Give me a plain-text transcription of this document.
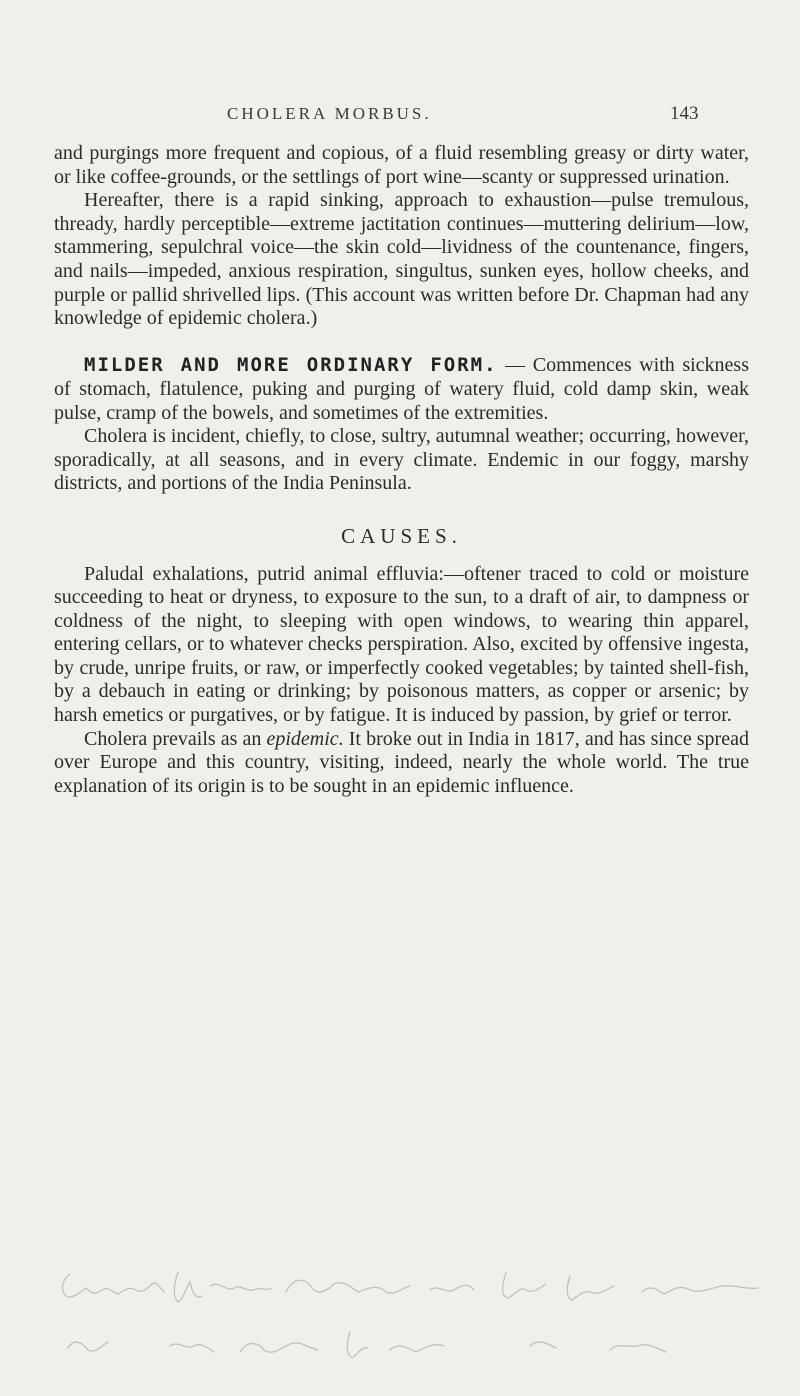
CHOLERA MORBUS.	143

and purgings more frequent and copious, of a fluid resembling greasy or dirty water, or like coffee-grounds, or the settlings of port wine—scanty or suppressed urination.

Hereafter, there is a rapid sinking, approach to exhaustion—pulse tremulous, thready, hardly perceptible—extreme jactitation continues—muttering delirium—low, stammering, sepulchral voice—the skin cold—lividness of the countenance, fingers, and nails—impeded, anxious respiration, singultus, sunken eyes, hollow cheeks, and purple or pallid shrivelled lips. (This account was written before Dr. Chapman had any knowledge of epidemic cholera.)

MILDER AND MORE ORDINARY FORM. — Commences with sickness of stomach, flatulence, puking and purging of watery fluid, cold damp skin, weak pulse, cramp of the bowels, and sometimes of the extremities.

Cholera is incident, chiefly, to close, sultry, autumnal weather; occurring, however, sporadically, at all seasons, and in every climate. Endemic in our foggy, marshy districts, and portions of the India Peninsula.

CAUSES.

Paludal exhalations, putrid animal effluvia:—oftener traced to cold or moisture succeeding to heat or dryness, to exposure to the sun, to a draft of air, to dampness or coldness of the night, to sleeping with open windows, to wearing thin apparel, entering cellars, or to whatever checks perspiration. Also, excited by offensive ingesta, by crude, unripe fruits, or raw, or imperfectly cooked vegetables; by tainted shell-fish, by a debauch in eating or drinking; by poisonous matters, as copper or arsenic; by harsh emetics or purgatives, or by fatigue. It is induced by passion, by grief or terror.

Cholera prevails as an epidemic. It broke out in India in 1817, and has since spread over Europe and this country, visiting, indeed, nearly the whole world. The true explanation of its origin is to be sought in an epidemic influence.
